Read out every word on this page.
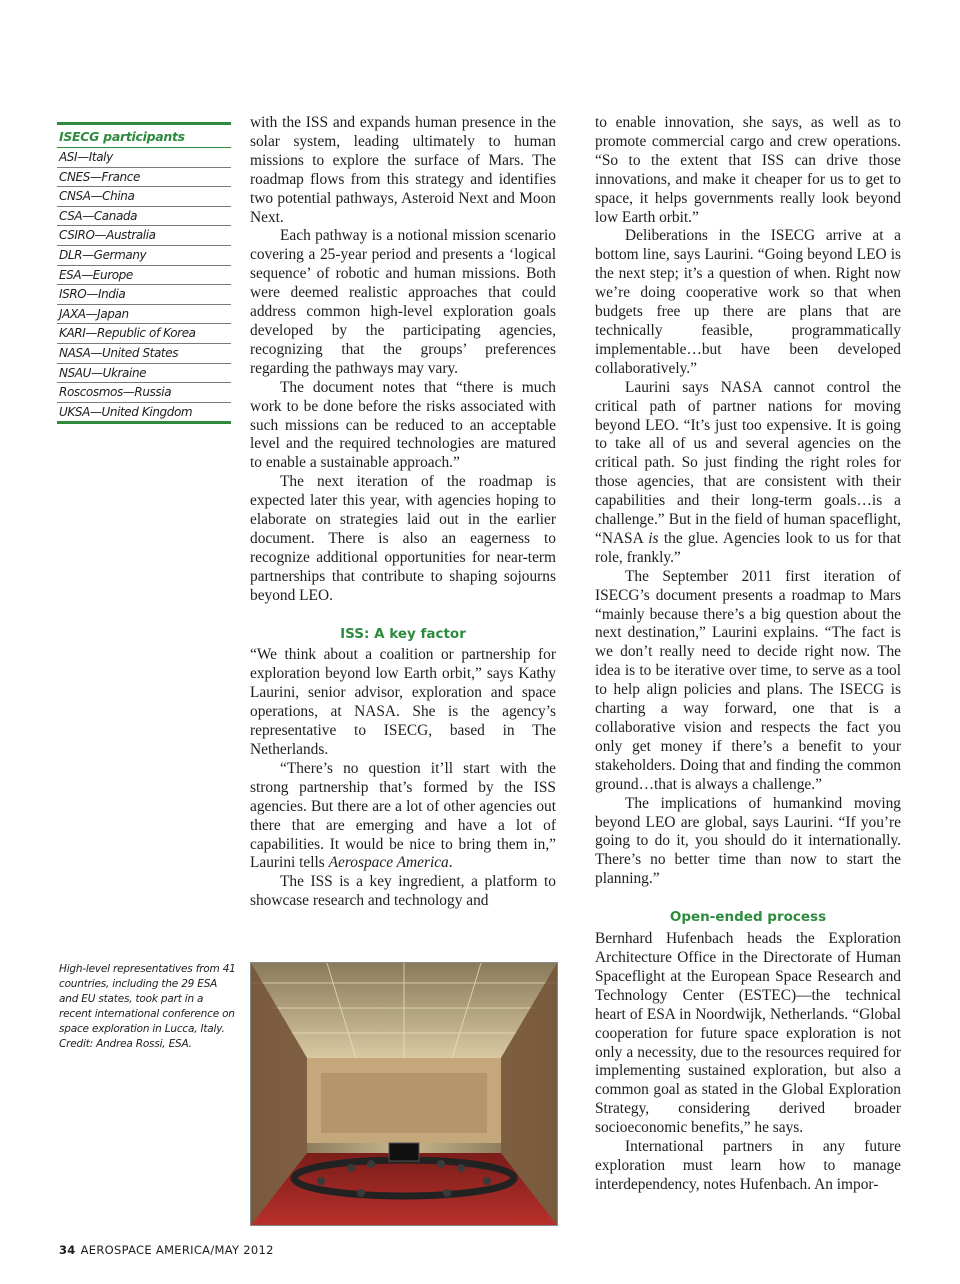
ISECG participants
ASI—Italy
CNES—France
CNSA—China
CSA—Canada
CSIRO—Australia
DLR—Germany
ESA—Europe
ISRO—India
JAXA—Japan
KARI—Republic of Korea
NASA—United States
NSAU—Ukraine
Roscosmos—Russia
UKSA—United Kingdom
High-level representatives from 41 countries, including the 29 ESA and EU states, took part in a recent international conference on space exploration in Lucca, Italy. Credit: Andrea Rossi, ESA.

with the ISS and expands human presence in the solar system, leading ultimately to human missions to explore the surface of Mars. The roadmap flows from this strategy and identifies two potential pathways, Asteroid Next and Moon Next.

Each pathway is a notional mission scenario covering a 25-year period and presents a ‘logical sequence’ of robotic and human missions. Both were deemed realistic approaches that could address common high-level exploration goals developed by the participating agencies, recognizing that the groups’ preferences regarding the pathways may vary.

The document notes that “there is much work to be done before the risks associated with such missions can be reduced to an acceptable level and the required technologies are matured to enable a sustainable approach.”

The next iteration of the roadmap is expected later this year, with agencies hoping to elaborate on strategies laid out in the earlier document. There is also an eagerness to recognize additional opportunities for near-term partnerships that contribute to shaping sojourns beyond LEO.

ISS: A key factor

“We think about a coalition or partnership for exploration beyond low Earth orbit,” says Kathy Laurini, senior advisor, exploration and space operations, at NASA. She is the agency’s representative to ISECG, based in The Netherlands.

“There’s no question it’ll start with the strong partnership that’s formed by the ISS agencies. But there are a lot of other agencies out there that are emerging and have a lot of capabilities. It would be nice to bring them in,” Laurini tells Aerospace America.

The ISS is a key ingredient, a platform to showcase research and technology and

to enable innovation, she says, as well as to promote commercial cargo and crew operations. “So to the extent that ISS can drive those innovations, and make it cheaper for us to get to space, it helps governments really look beyond low Earth orbit.”

Deliberations in the ISECG arrive at a bottom line, says Laurini. “Going beyond LEO is the next step; it’s a question of when. Right now we’re doing cooperative work so that when budgets free up there are plans that are technically feasible, programmatically implementable…but have been developed collaboratively.”

Laurini says NASA cannot control the critical path of partner nations for moving beyond LEO. “It’s just too expensive. It is going to take all of us and several agencies on the critical path. So just finding the right roles for those agencies, that are consistent with their capabilities and their long-term goals…is a challenge.” But in the field of human spaceflight, “NASA is the glue. Agencies look to us for that role, frankly.”

The September 2011 first iteration of ISECG’s document presents a roadmap to Mars “mainly because there’s a big question about the next destination,” Laurini explains. “The fact is we don’t really need to decide right now. The idea is to be iterative over time, to serve as a tool to help align policies and plans. The ISECG is charting a way forward, one that is a collaborative vision and respects the fact you only get money if there’s a benefit to your stakeholders. Doing that and finding the common ground…that is always a challenge.”

The implications of humankind moving beyond LEO are global, says Laurini. “If you’re going to do it, you should do it internationally. There’s no better time than now to start the planning.”

Open-ended process

Bernhard Hufenbach heads the Exploration Architecture Office in the Directorate of Human Spaceflight at the European Space Research and Technology Center (ESTEC)—the technical heart of ESA in Noordwijk, Netherlands. “Global cooperation for future space exploration is not only a necessity, due to the resources required for implementing sustained exploration, but also a common goal as stated in the Global Exploration Strategy, considering derived broader socioeconomic benefits,” he says.

International partners in any future exploration must learn how to manage interdependency, notes Hufenbach. An impor-

34 AEROSPACE AMERICA/MAY 2012
